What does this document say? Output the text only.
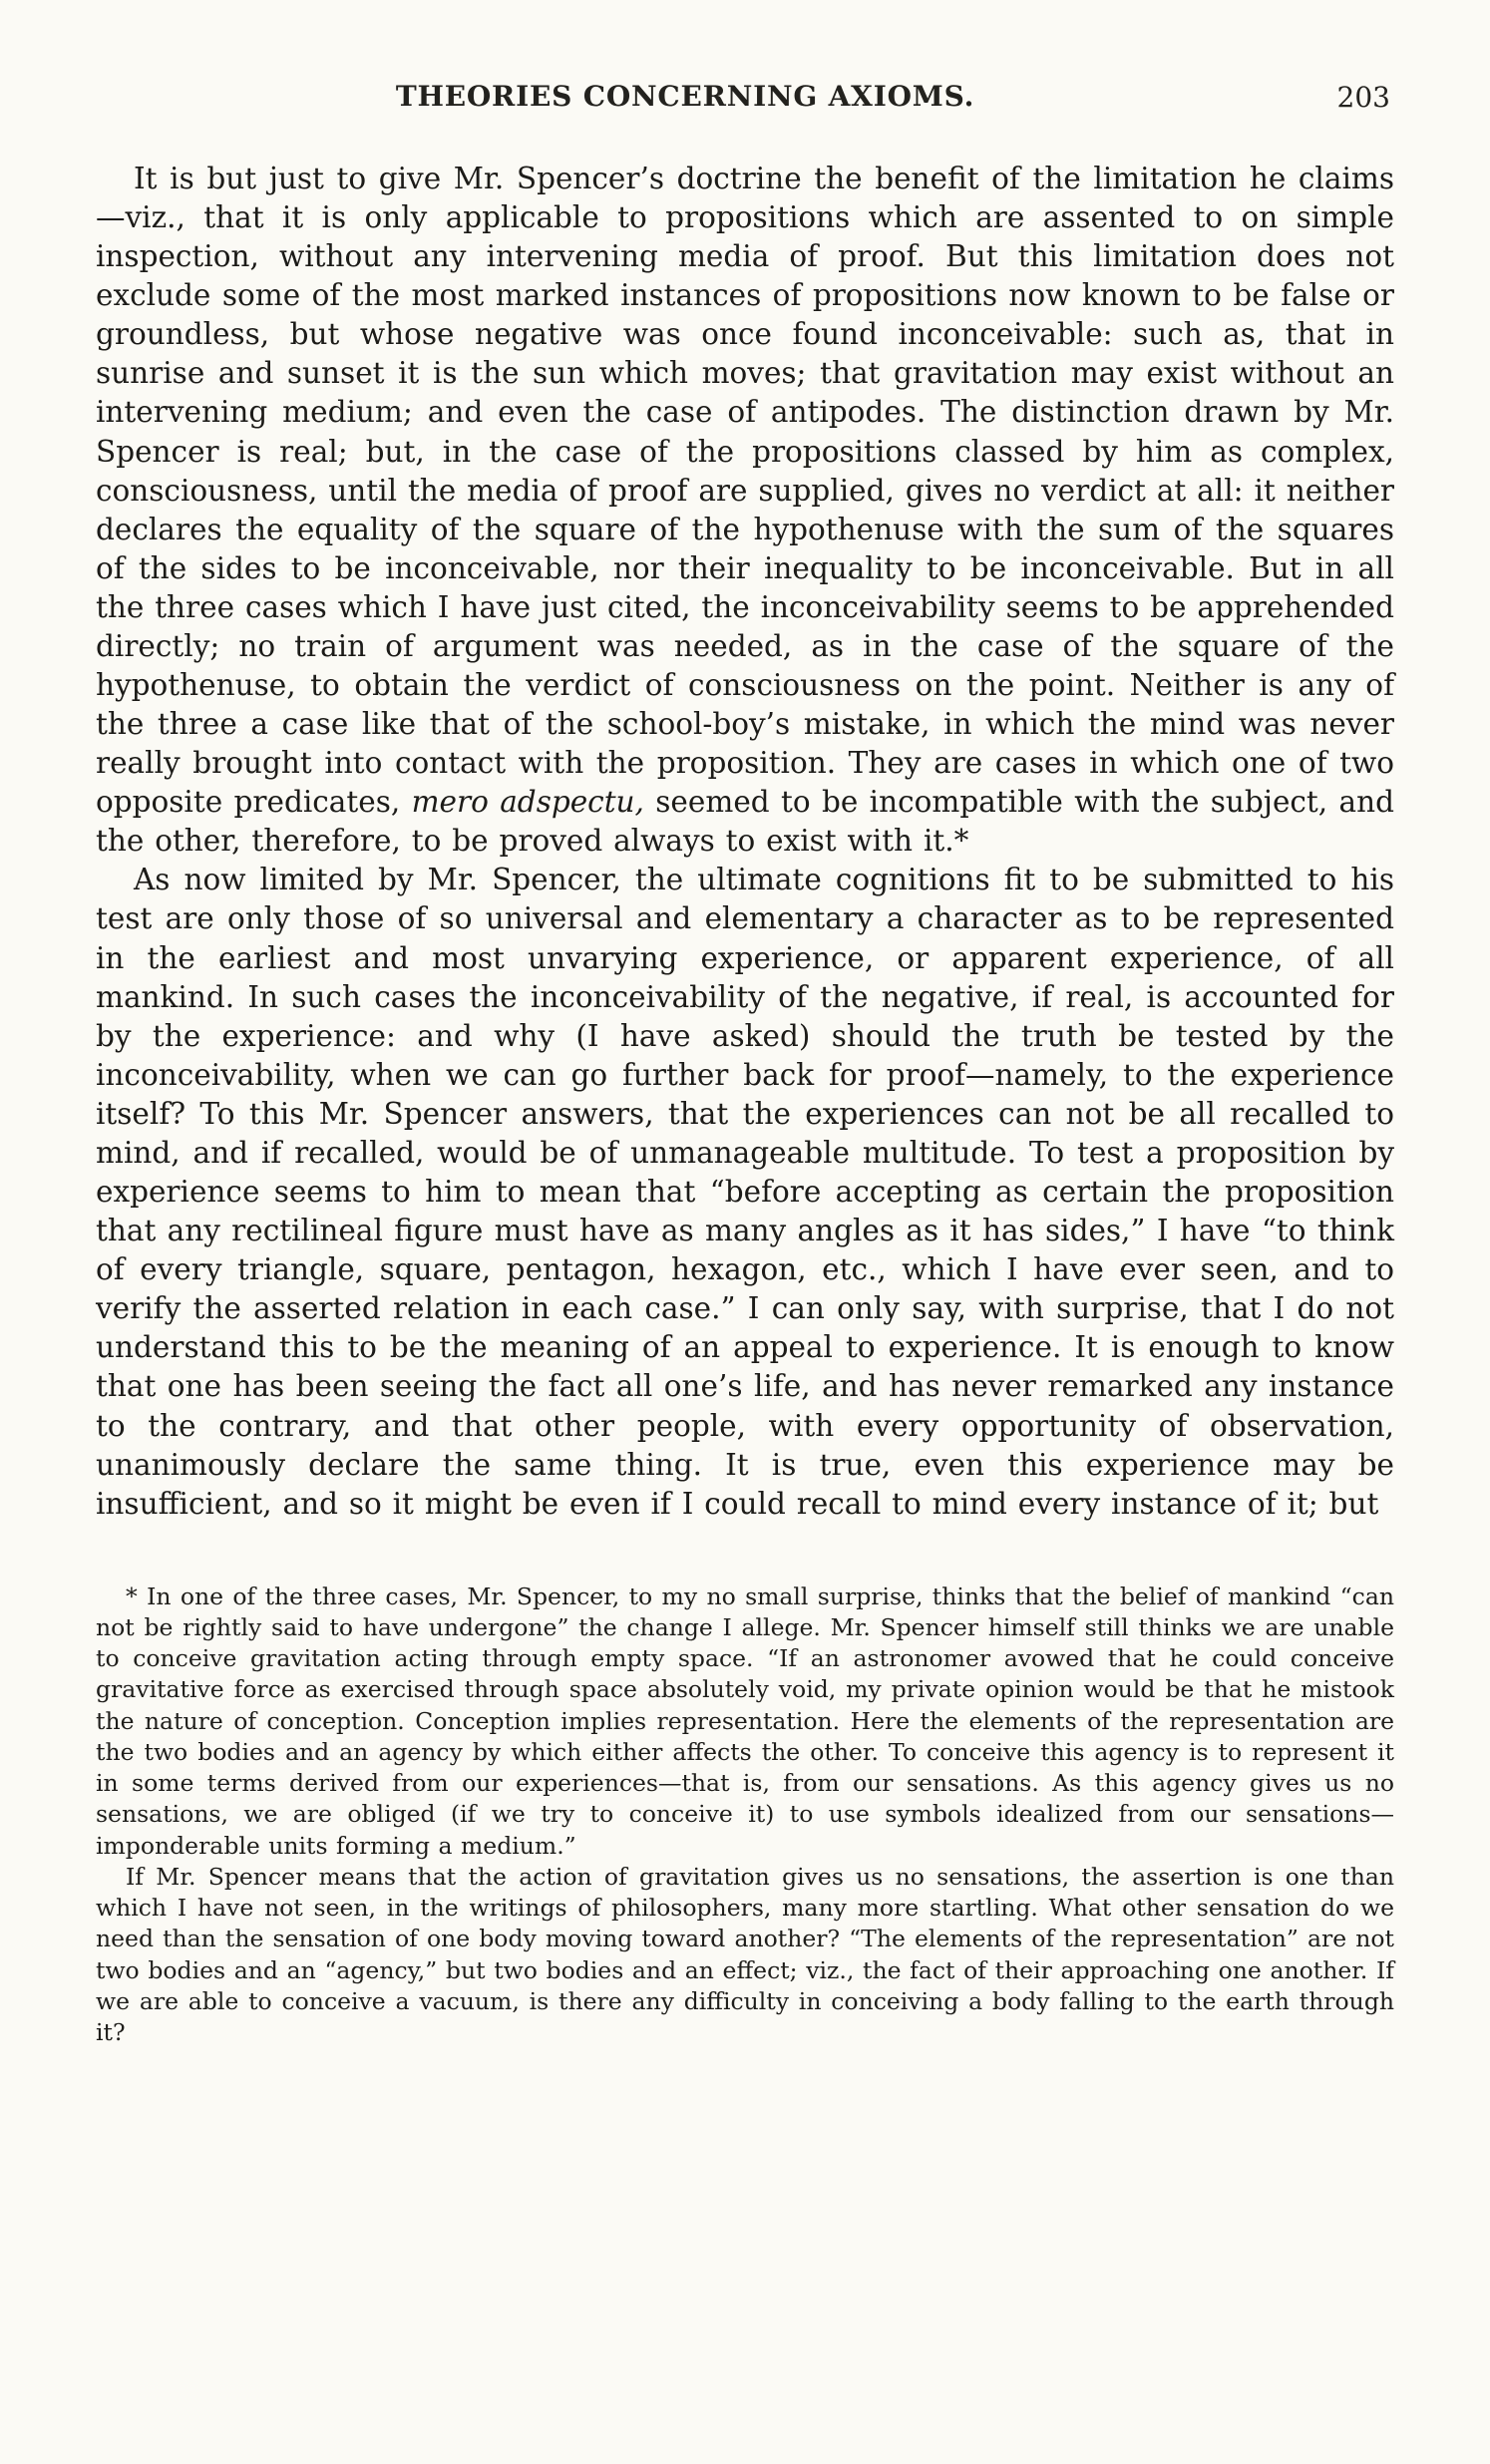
THEORIES CONCERNING AXIOMS.	203

It is but just to give Mr. Spencer’s doctrine the benefit of the limitation he claims—viz., that it is only applicable to propositions which are assented to on simple inspection, without any intervening media of proof. But this limitation does not exclude some of the most marked instances of propositions now known to be false or groundless, but whose negative was once found inconceivable: such as, that in sunrise and sunset it is the sun which moves; that gravitation may exist without an intervening medium; and even the case of antipodes. The distinction drawn by Mr. Spencer is real; but, in the case of the propositions classed by him as complex, consciousness, until the media of proof are supplied, gives no verdict at all: it neither declares the equality of the square of the hypothenuse with the sum of the squares of the sides to be inconceivable, nor their inequality to be inconceivable. But in all the three cases which I have just cited, the inconceivability seems to be apprehended directly; no train of argument was needed, as in the case of the square of the hypothenuse, to obtain the verdict of consciousness on the point. Neither is any of the three a case like that of the school-boy’s mistake, in which the mind was never really brought into contact with the proposition. They are cases in which one of two opposite predicates, mero adspectu, seemed to be incompatible with the subject, and the other, therefore, to be proved always to exist with it.*

As now limited by Mr. Spencer, the ultimate cognitions fit to be submitted to his test are only those of so universal and elementary a character as to be represented in the earliest and most unvarying experience, or apparent experience, of all mankind. In such cases the inconceivability of the negative, if real, is accounted for by the experience: and why (I have asked) should the truth be tested by the inconceivability, when we can go further back for proof—namely, to the experience itself? To this Mr. Spencer answers, that the experiences can not be all recalled to mind, and if recalled, would be of unmanageable multitude. To test a proposition by experience seems to him to mean that “before accepting as certain the proposition that any rectilineal figure must have as many angles as it has sides,” I have “to think of every triangle, square, pentagon, hexagon, etc., which I have ever seen, and to verify the asserted relation in each case.” I can only say, with surprise, that I do not understand this to be the meaning of an appeal to experience. It is enough to know that one has been seeing the fact all one’s life, and has never remarked any instance to the contrary, and that other people, with every opportunity of observation, unanimously declare the same thing. It is true, even this experience may be insufficient, and so it might be even if I could recall to mind every instance of it; but

* In one of the three cases, Mr. Spencer, to my no small surprise, thinks that the belief of mankind “can not be rightly said to have undergone” the change I allege. Mr. Spencer himself still thinks we are unable to conceive gravitation acting through empty space. “If an astronomer avowed that he could conceive gravitative force as exercised through space absolutely void, my private opinion would be that he mistook the nature of conception. Conception implies representation. Here the elements of the representation are the two bodies and an agency by which either affects the other. To conceive this agency is to represent it in some terms derived from our experiences—that is, from our sensations. As this agency gives us no sensations, we are obliged (if we try to conceive it) to use symbols idealized from our sensations—imponderable units forming a medium.”

If Mr. Spencer means that the action of gravitation gives us no sensations, the assertion is one than which I have not seen, in the writings of philosophers, many more startling. What other sensation do we need than the sensation of one body moving toward another? “The elements of the representation” are not two bodies and an “agency,” but two bodies and an effect; viz., the fact of their approaching one another. If we are able to conceive a vacuum, is there any difficulty in conceiving a body falling to the earth through it?
